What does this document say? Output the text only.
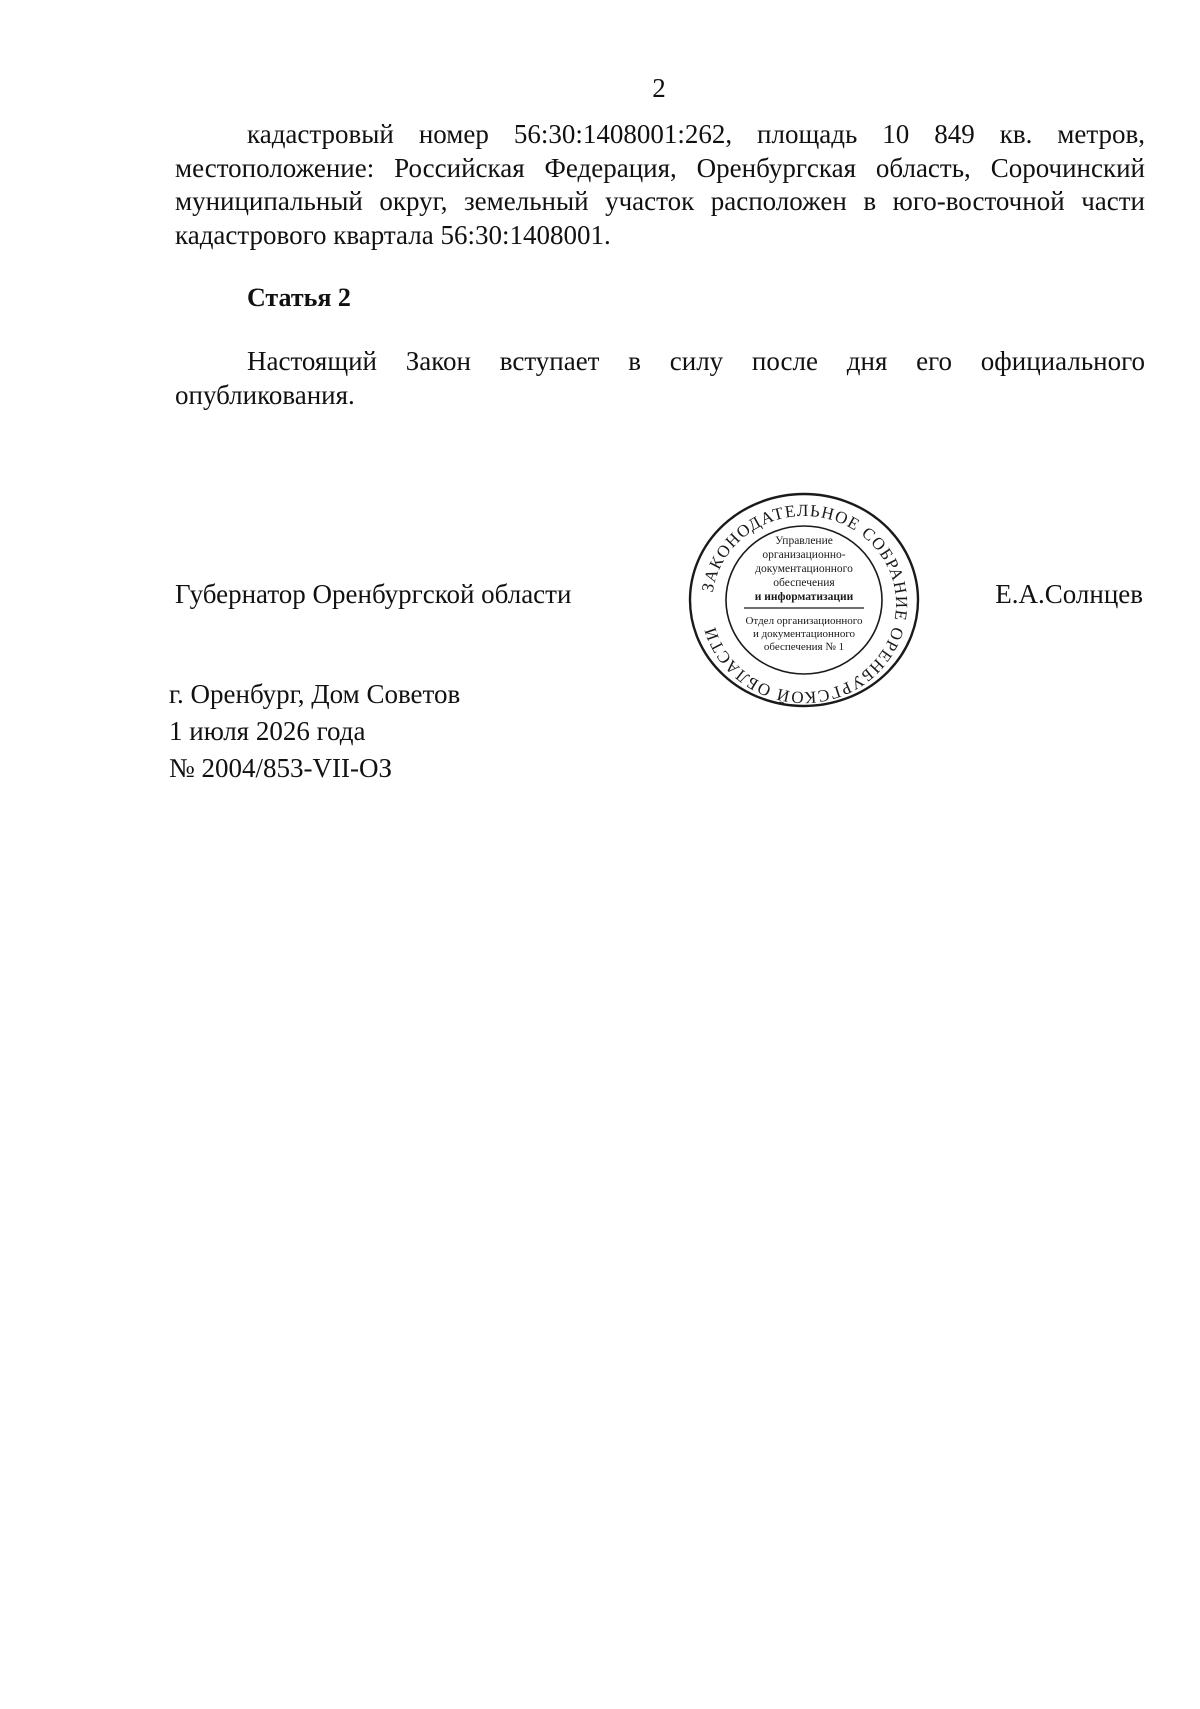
2

кадастровый номер 56:30:1408001:262, площадь 10 849 кв. метров, местоположение: Российская Федерация, Оренбургская область, Сорочинский муниципальный округ, земельный участок расположен в юго-восточной части кадастрового квартала 56:30:1408001.

Статья 2

Настоящий Закон вступает в силу после дня его официального опубликования.

Губернатор Оренбургской области	ЗАКОНОДАТЕЛЬНОЕ СОБРАНИЕ ОРЕНБУРГСКОЙ ОБЛАСТИ
Управление
организационно-
документационного
обеспечения
и информатизации
Отдел организационного
и документационного
обеспечения № 1
Е.А.Солнцев
г. Оренбург, Дом Советов
1 июля 2026 года
№ 2004/853-VII-ОЗ
